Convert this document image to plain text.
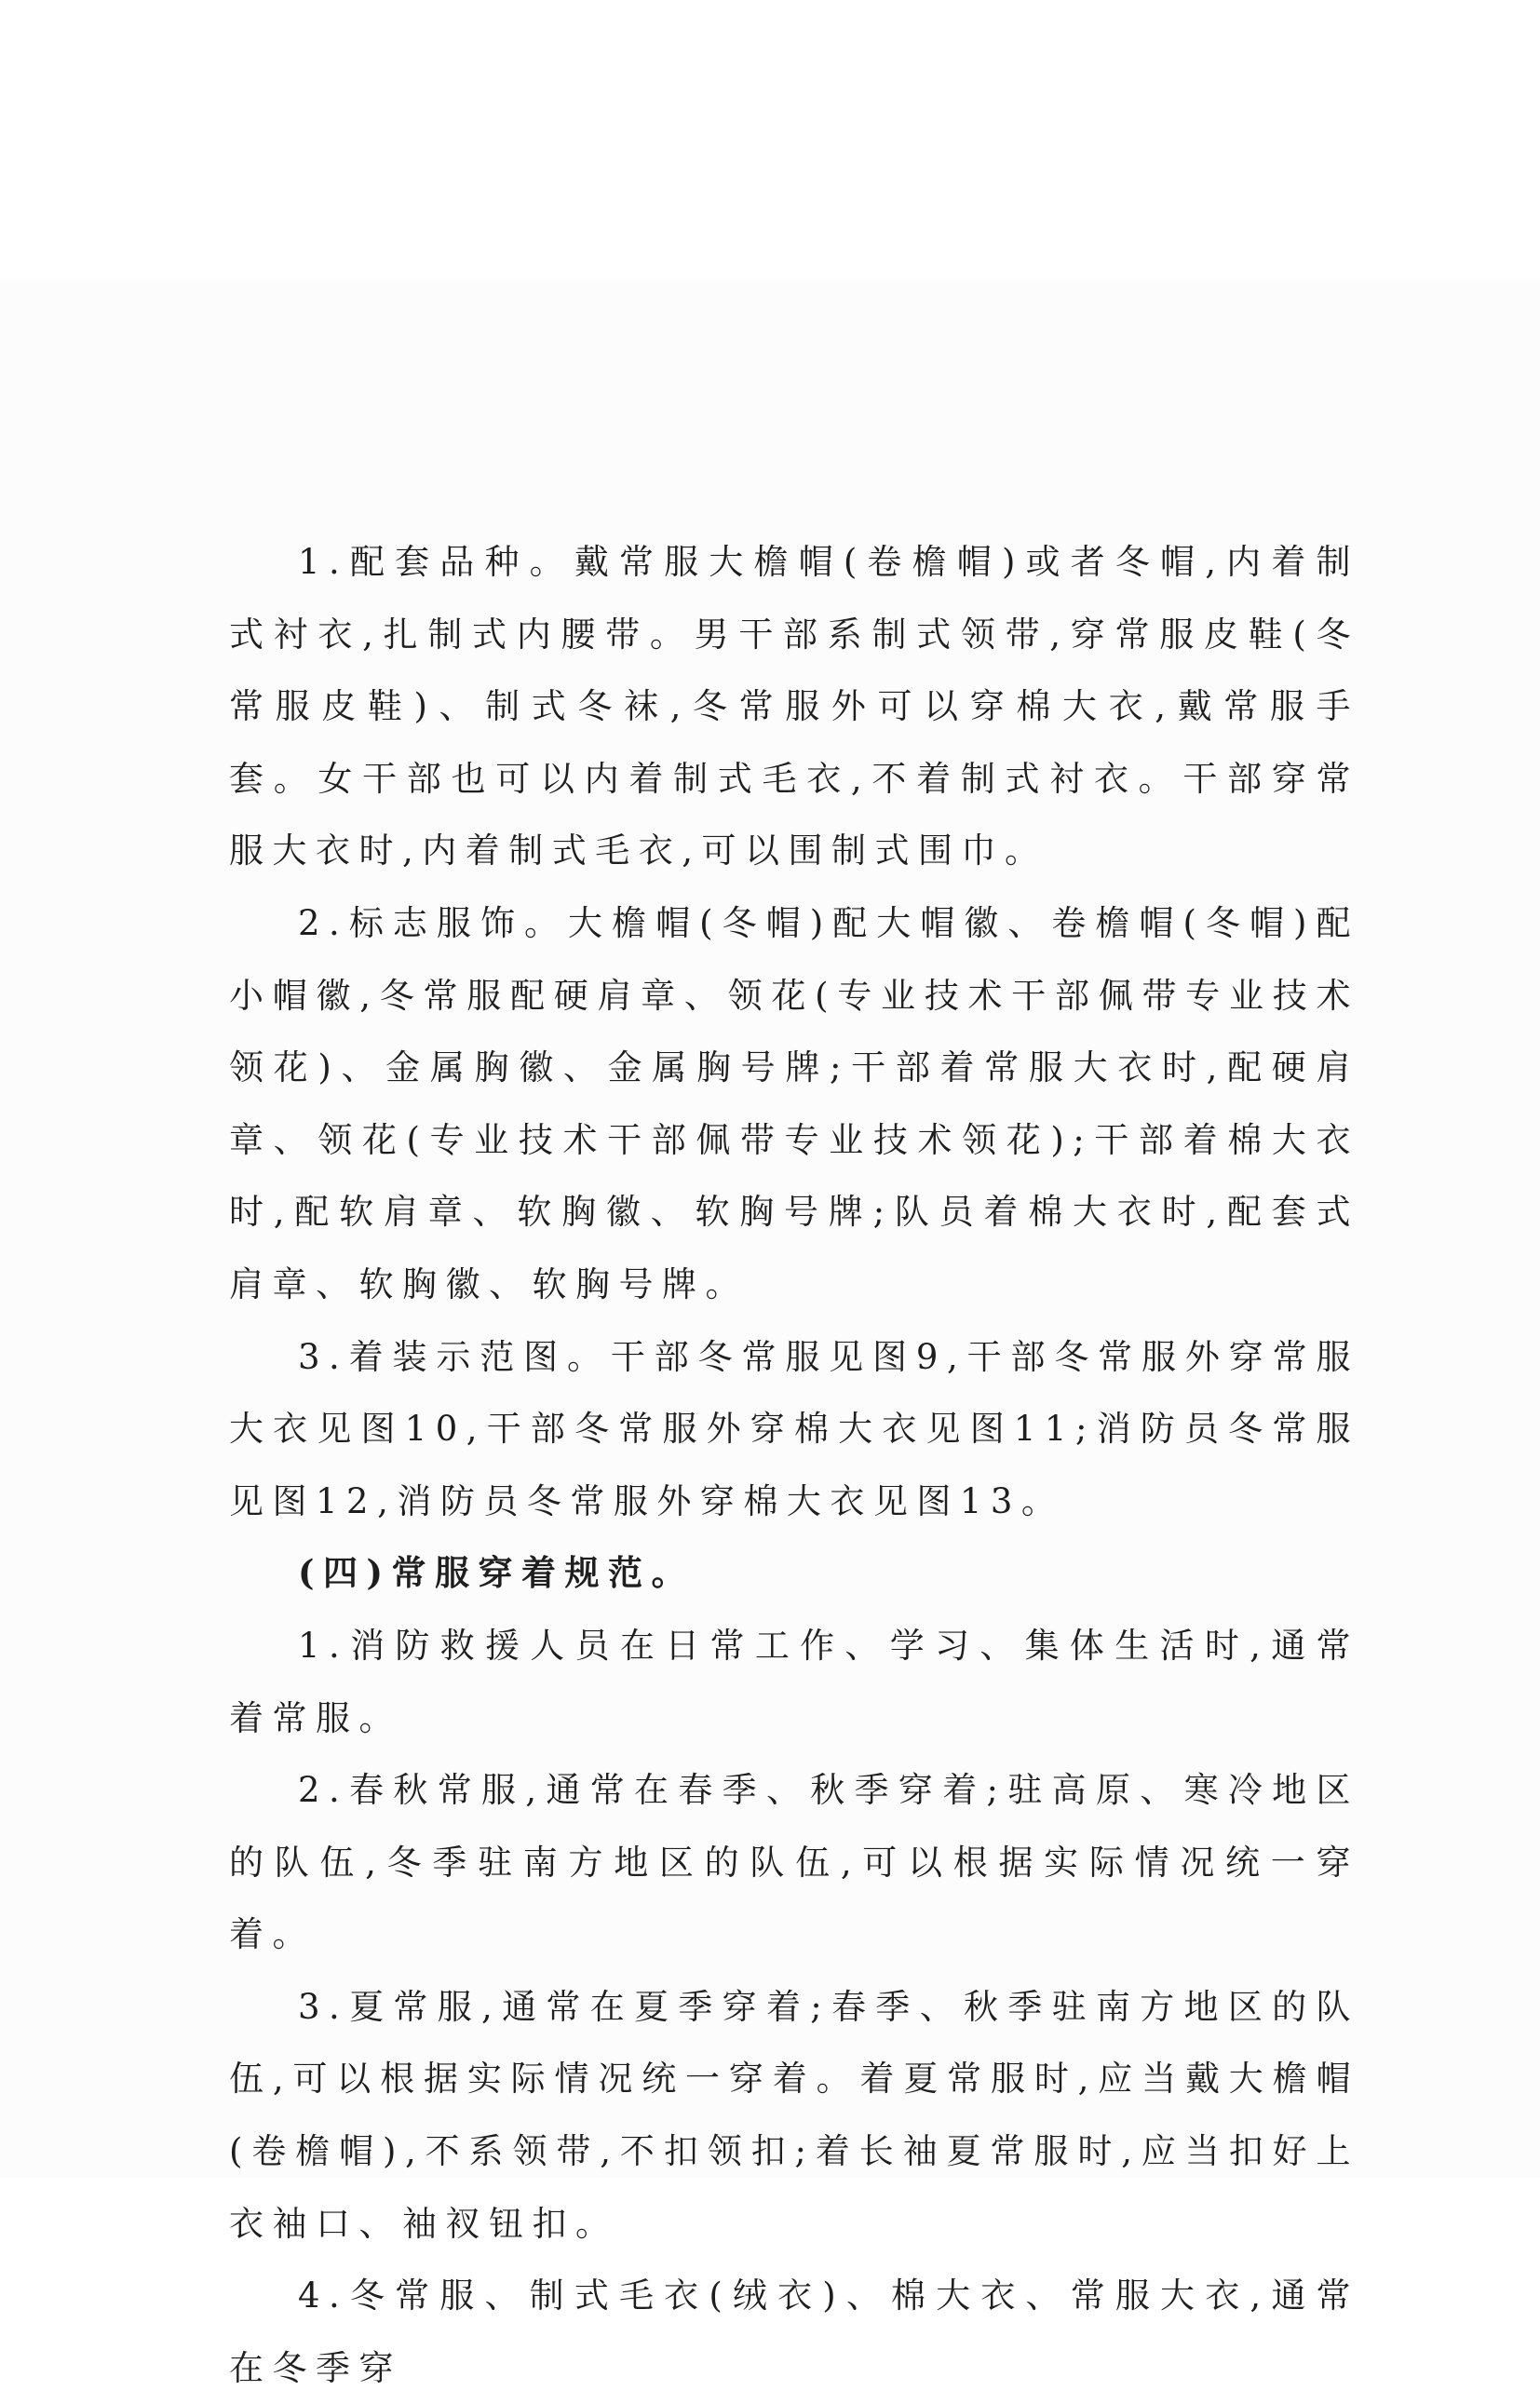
1.配套品种。戴常服大檐帽(卷檐帽)或者冬帽,内着制式衬衣,扎制式内腰带。男干部系制式领带,穿常服皮鞋(冬常服皮鞋)、制式冬袜,冬常服外可以穿棉大衣,戴常服手套。女干部也可以内着制式毛衣,不着制式衬衣。干部穿常服大衣时,内着制式毛衣,可以围制式围巾。

2.标志服饰。大檐帽(冬帽)配大帽徽、卷檐帽(冬帽)配小帽徽,冬常服配硬肩章、领花(专业技术干部佩带专业技术领花)、金属胸徽、金属胸号牌;干部着常服大衣时,配硬肩章、领花(专业技术干部佩带专业技术领花);干部着棉大衣时,配软肩章、软胸徽、软胸号牌;队员着棉大衣时,配套式肩章、软胸徽、软胸号牌。

3.着装示范图。干部冬常服见图9,干部冬常服外穿常服大衣见图10,干部冬常服外穿棉大衣见图11;消防员冬常服见图12,消防员冬常服外穿棉大衣见图13。

(四)常服穿着规范。

1.消防救援人员在日常工作、学习、集体生活时,通常着常服。

2.春秋常服,通常在春季、秋季穿着;驻高原、寒冷地区的队伍,冬季驻南方地区的队伍,可以根据实际情况统一穿着。

3.夏常服,通常在夏季穿着;春季、秋季驻南方地区的队伍,可以根据实际情况统一穿着。着夏常服时,应当戴大檐帽(卷檐帽),不系领带,不扣领扣;着长袖夏常服时,应当扣好上衣袖口、袖衩钮扣。

4.冬常服、制式毛衣(绒衣)、棉大衣、常服大衣,通常在冬季穿
